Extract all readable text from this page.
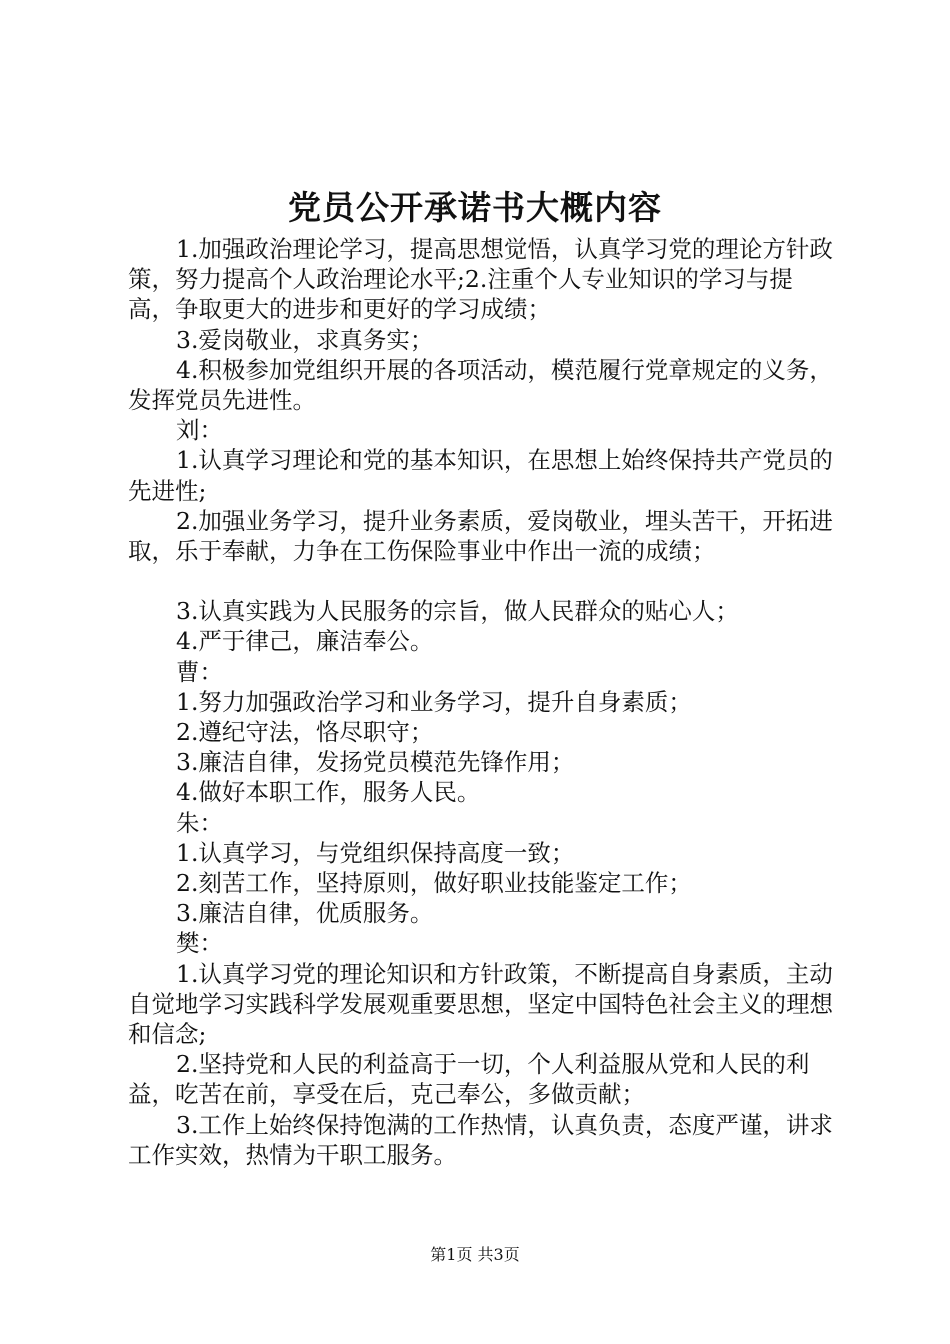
党员公开承诺书大概内容

1.加强政治理论学习，提高思想觉悟，认真学习党的理论方针政策，努力提高个人政治理论水平;2.注重个人专业知识的学习与提高，争取更大的进步和更好的学习成绩；

3.爱岗敬业，求真务实；

4.积极参加党组织开展的各项活动，模范履行党章规定的义务，发挥党员先进性。

刘：

1.认真学习理论和党的基本知识，在思想上始终保持共产党员的先进性;

2.加强业务学习，提升业务素质，爱岗敬业，埋头苦干，开拓进取，乐于奉献，力争在工伤保险事业中作出一流的成绩；

3.认真实践为人民服务的宗旨，做人民群众的贴心人；

4.严于律己，廉洁奉公。

曹：

1.努力加强政治学习和业务学习，提升自身素质；

2.遵纪守法，恪尽职守；

3.廉洁自律，发扬党员模范先锋作用；

4.做好本职工作，服务人民。

朱：

1.认真学习，与党组织保持高度一致；

2.刻苦工作，坚持原则，做好职业技能鉴定工作；

3.廉洁自律，优质服务。

樊：

1.认真学习党的理论知识和方针政策，不断提高自身素质，主动自觉地学习实践科学发展观重要思想，坚定中国特色社会主义的理想和信念;

2.坚持党和人民的利益高于一切，个人利益服从党和人民的利益，吃苦在前，享受在后，克己奉公，多做贡献；

3.工作上始终保持饱满的工作热情，认真负责，态度严谨，讲求工作实效，热情为干职工服务。

第1页 共3页
